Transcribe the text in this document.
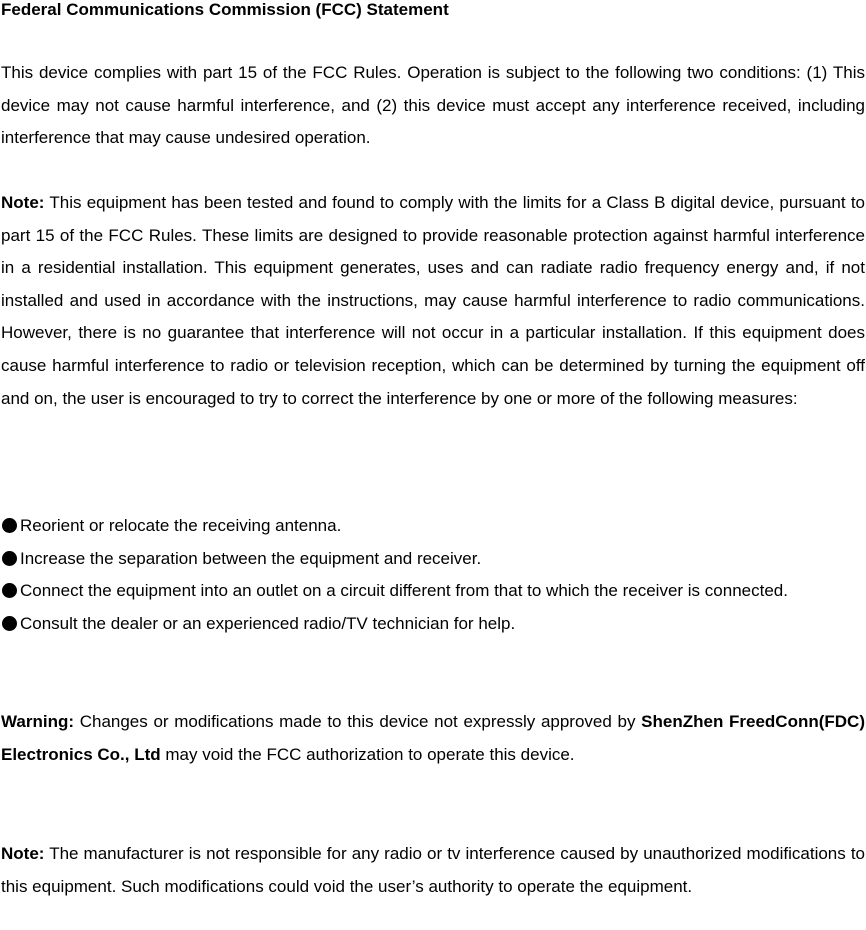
Federal Communications Commission (FCC) Statement

This device complies with part 15 of the FCC Rules. Operation is subject to the following two conditions: (1) This device may not cause harmful interference, and (2) this device must accept any interference received, including interference that may cause undesired operation.

Note: This equipment has been tested and found to comply with the limits for a Class B digital device, pursuant to part 15 of the FCC Rules. These limits are designed to provide reasonable protection against harmful interference in a residential installation. This equipment generates, uses and can radiate radio frequency energy and, if not installed and used in accordance with the instructions, may cause harmful interference to radio communications. However, there is no guarantee that interference will not occur in a particular installation. If this equipment does cause harmful interference to radio or television reception, which can be determined by turning the equipment off and on, the user is encouraged to try to correct the interference by one or more of the following measures:

Reorient or relocate the receiving antenna.
Increase the separation between the equipment and receiver.
Connect the equipment into an outlet on a circuit different from that to which the receiver is connected.
Consult the dealer or an experienced radio/TV technician for help.

Warning: Changes or modifications made to this device not expressly approved by ShenZhen FreedConn(FDC) Electronics Co., Ltd may void the FCC authorization to operate this device.

Note: The manufacturer is not responsible for any radio or tv interference caused by unauthorized modifications to this equipment. Such modifications could void the user’s authority to operate the equipment.
